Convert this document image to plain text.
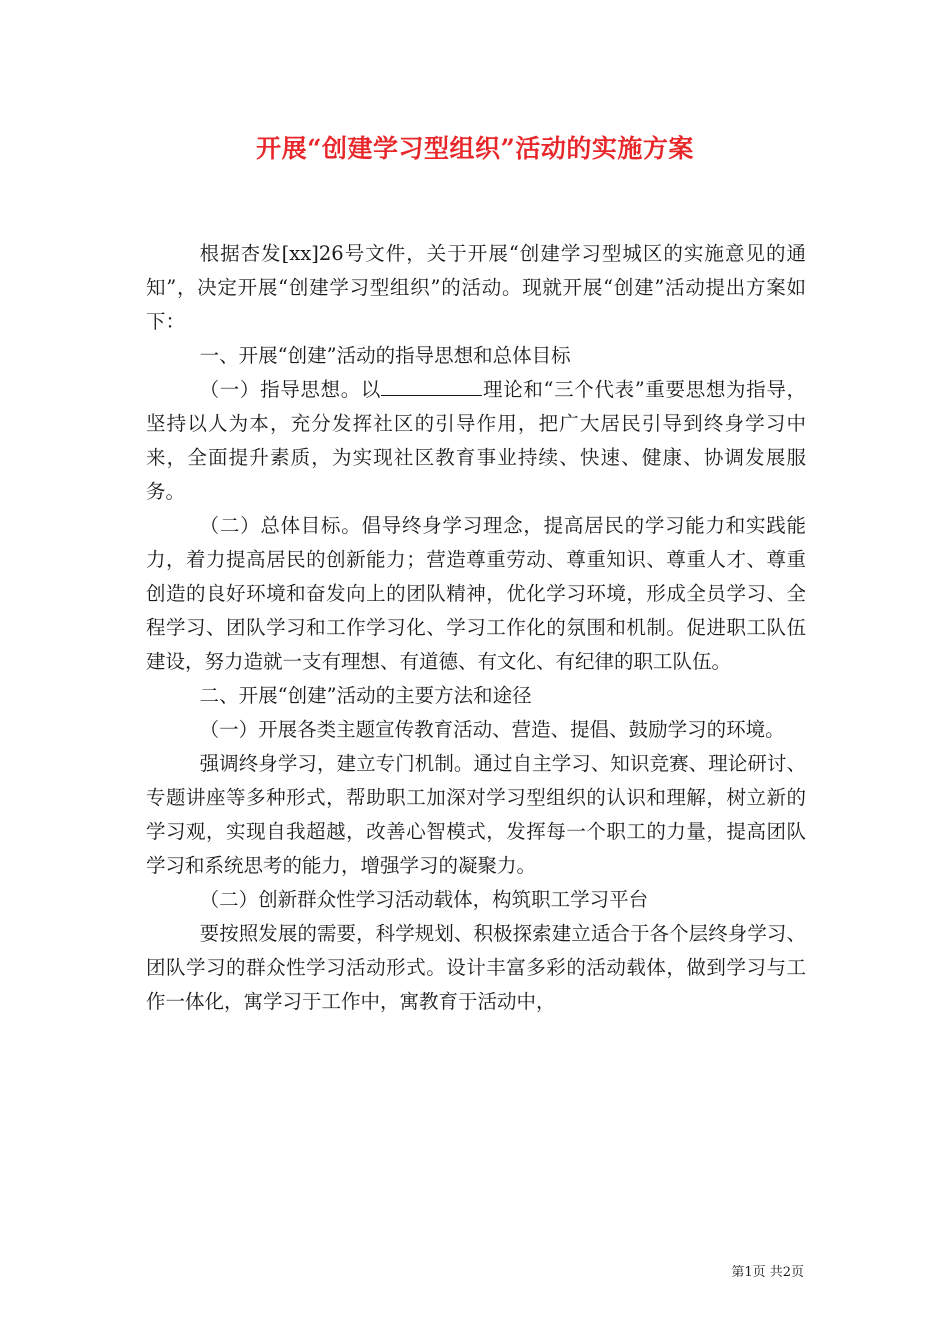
开展“创建学习型组织”活动的实施方案

根据杏发[xx]26号文件，关于开展“创建学习型城区的实施意见的通知”，决定开展“创建学习型组织”的活动。现就开展“创建”活动提出方案如下：

一、开展“创建”活动的指导思想和总体目标

（一）指导思想。以	理论和“三个代表”重要思想为指导，坚持以人为本，充分发挥社区的引导作用，把广大居民引导到终身学习中来，全面提升素质，为实现社区教育事业持续、快速、健康、协调发展服务。

（二）总体目标。倡导终身学习理念，提高居民的学习能力和实践能力，着力提高居民的创新能力；营造尊重劳动、尊重知识、尊重人才、尊重创造的良好环境和奋发向上的团队精神，优化学习环境，形成全员学习、全程学习、团队学习和工作学习化、学习工作化的氛围和机制。促进职工队伍建设，努力造就一支有理想、有道德、有文化、有纪律的职工队伍。

二、开展“创建”活动的主要方法和途径

（一）开展各类主题宣传教育活动、营造、提倡、鼓励学习的环境。

强调终身学习，建立专门机制。通过自主学习、知识竞赛、理论研讨、专题讲座等多种形式，帮助职工加深对学习型组织的认识和理解，树立新的学习观，实现自我超越，改善心智模式，发挥每一个职工的力量，提高团队学习和系统思考的能力，增强学习的凝聚力。

（二）创新群众性学习活动载体，构筑职工学习平台

要按照发展的需要，科学规划、积极探索建立适合于各个层终身学习、团队学习的群众性学习活动形式。设计丰富多彩的活动载体，做到学习与工作一体化，寓学习于工作中，寓教育于活动中，

第1页 共2页
